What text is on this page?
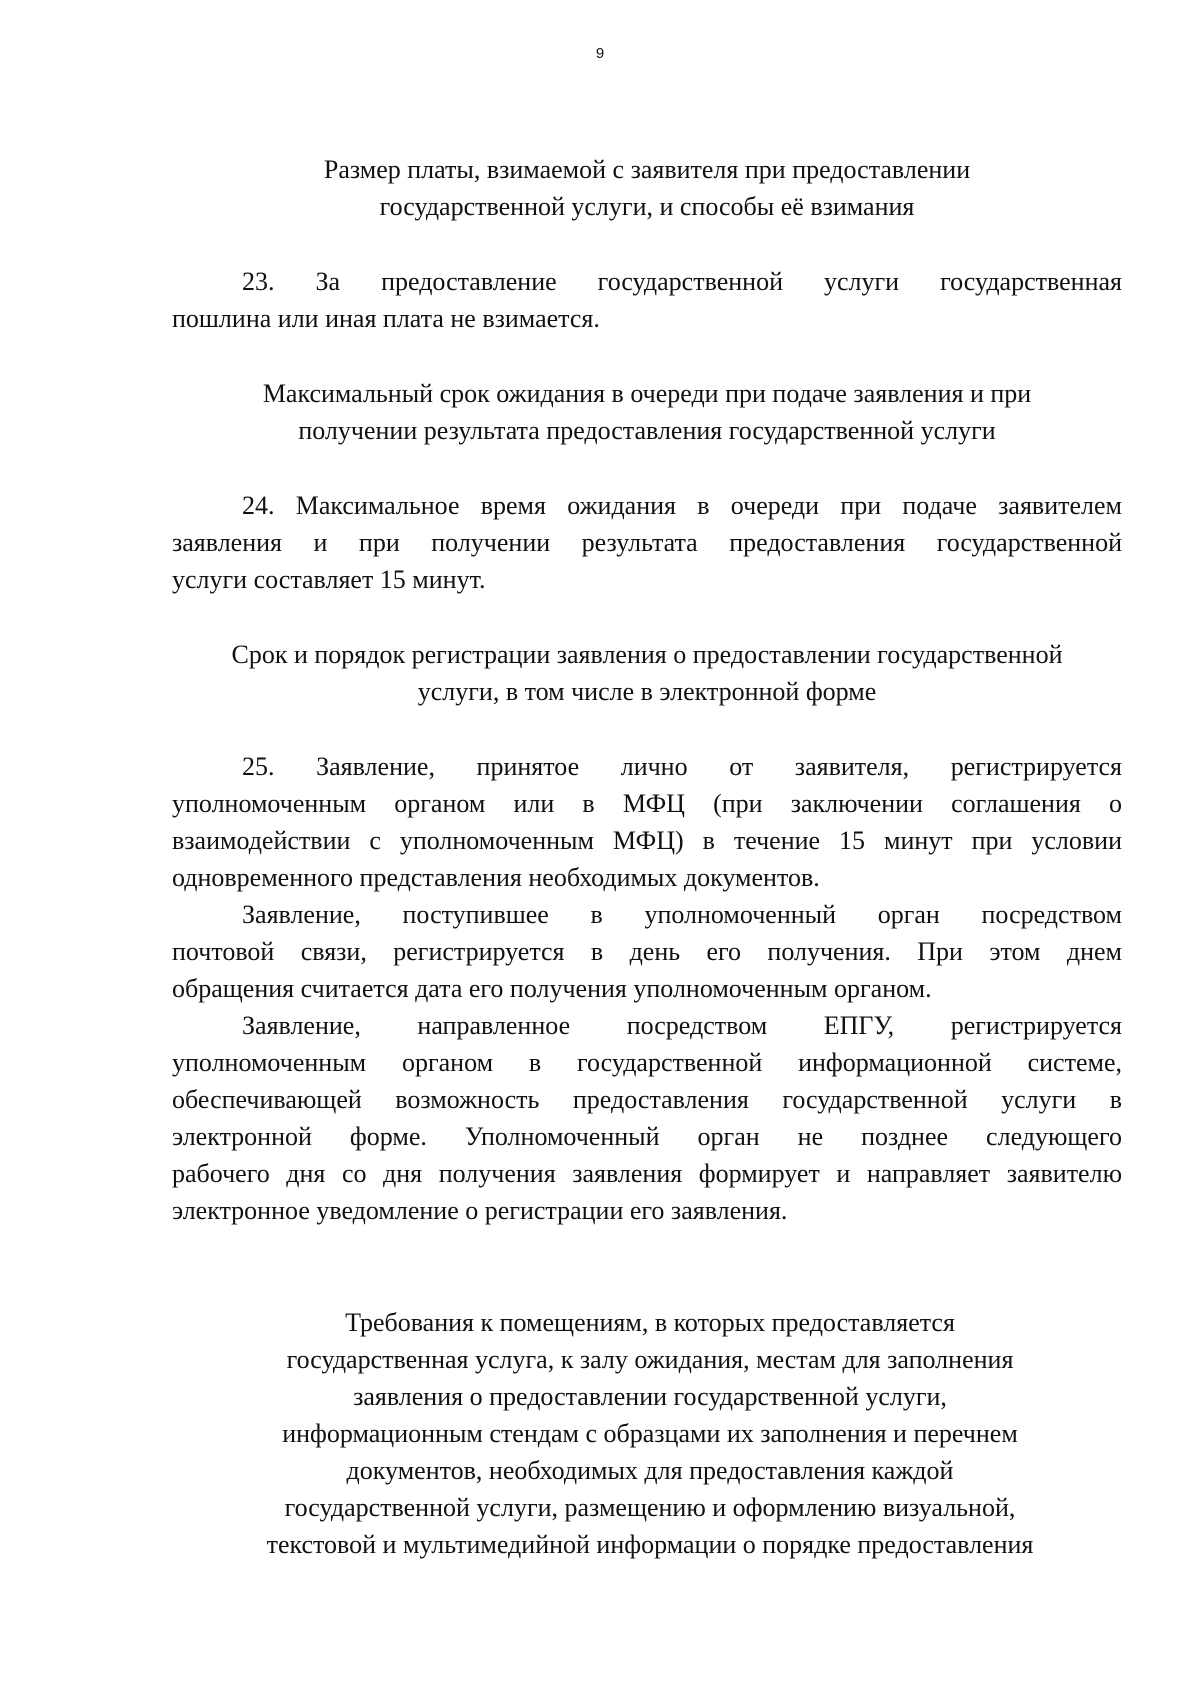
9
Размер платы, взимаемой с заявителя при предоставлении
государственной услуги, и способы её взимания
23. За предоставление государственной услуги государственная
пошлина или иная плата не взимается.
Максимальный срок ожидания в очереди при подаче заявления и при
получении результата предоставления государственной услуги
24. Максимальное время ожидания в очереди при подаче заявителем
заявления и при получении результата предоставления государственной
услуги составляет 15 минут.
Срок и порядок регистрации заявления о предоставлении государственной
услуги, в том числе в электронной форме
25. Заявление, принятое лично от заявителя, регистрируется
уполномоченным органом или в МФЦ (при заключении соглашения о
взаимодействии с уполномоченным МФЦ) в течение 15 минут при условии
одновременного представления необходимых документов.
Заявление, поступившее в уполномоченный орган посредством
почтовой связи, регистрируется в день его получения. При этом днем
обращения считается дата его получения уполномоченным органом.
Заявление, направленное посредством ЕПГУ, регистрируется
уполномоченным органом в государственной информационной системе,
обеспечивающей возможность предоставления государственной услуги в
электронной форме. Уполномоченный орган не позднее следующего
рабочего дня со дня получения заявления формирует и направляет заявителю
электронное уведомление о регистрации его заявления.
Требования к помещениям, в которых предоставляется
государственная услуга, к залу ожидания, местам для заполнения
заявления о предоставлении государственной услуги,
информационным стендам с образцами их заполнения и перечнем
документов, необходимых для предоставления каждой
государственной услуги, размещению и оформлению визуальной,
текстовой и мультимедийной информации о порядке предоставления
